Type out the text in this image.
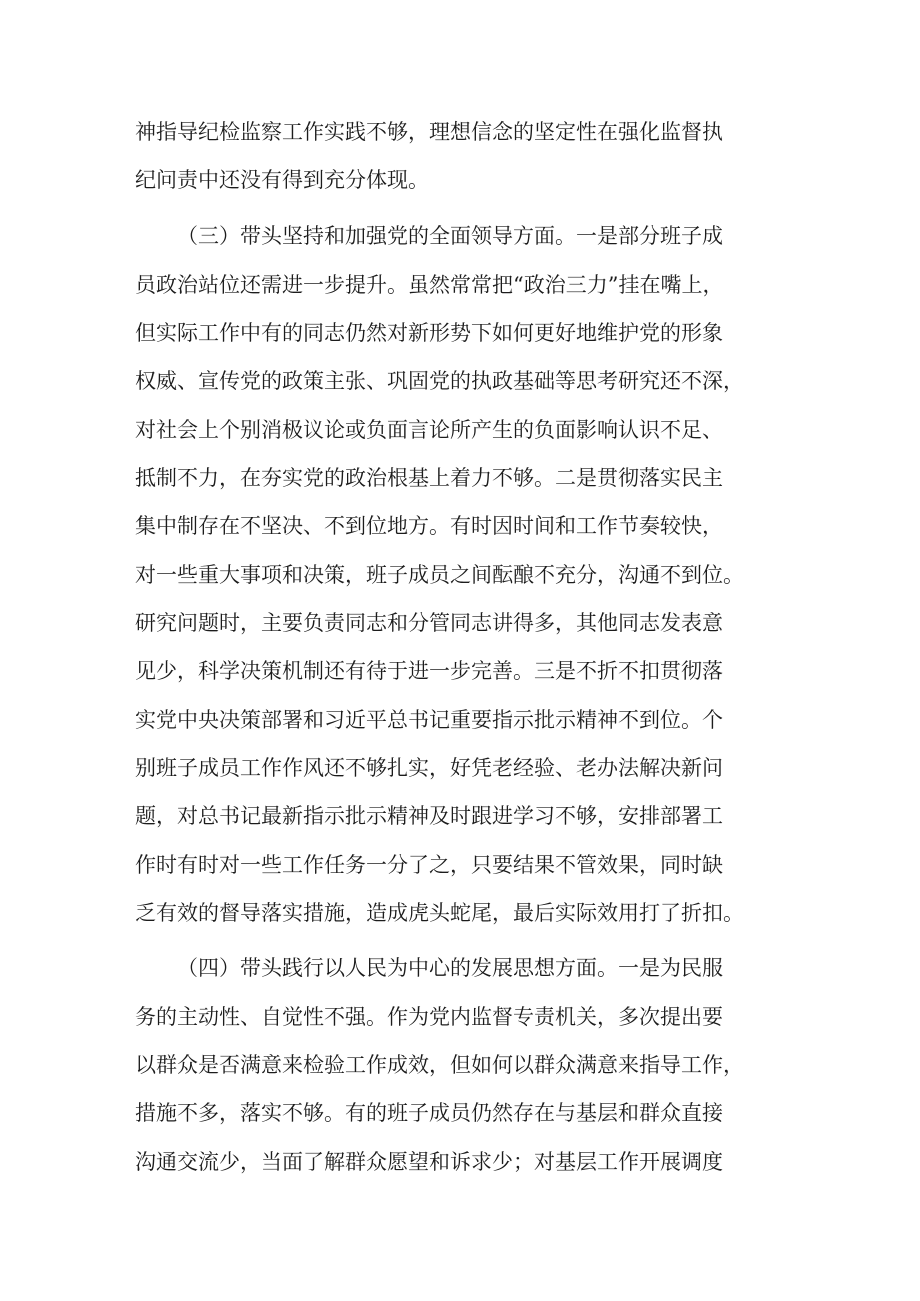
神指导纪检监察工作实践不够，理想信念的坚定性在强化监督执
纪问责中还没有得到充分体现。
（三）带头坚持和加强党的全面领导方面。一是部分班子成
员政治站位还需进一步提升。虽然常常把“政治三力”挂在嘴上，
但实际工作中有的同志仍然对新形势下如何更好地维护党的形象
权威、宣传党的政策主张、巩固党的执政基础等思考研究还不深，
对社会上个别消极议论或负面言论所产生的负面影响认识不足、
抵制不力，在夯实党的政治根基上着力不够。二是贯彻落实民主
集中制存在不坚决、不到位地方。有时因时间和工作节奏较快，
对一些重大事项和决策，班子成员之间酝酿不充分，沟通不到位。
研究问题时，主要负责同志和分管同志讲得多，其他同志发表意
见少，科学决策机制还有待于进一步完善。三是不折不扣贯彻落
实党中央决策部署和习近平总书记重要指示批示精神不到位。个
别班子成员工作作风还不够扎实，好凭老经验、老办法解决新问
题，对总书记最新指示批示精神及时跟进学习不够，安排部署工
作时有时对一些工作任务一分了之，只要结果不管效果，同时缺
乏有效的督导落实措施，造成虎头蛇尾，最后实际效用打了折扣。
（四）带头践行以人民为中心的发展思想方面。一是为民服
务的主动性、自觉性不强。作为党内监督专责机关，多次提出要
以群众是否满意来检验工作成效，但如何以群众满意来指导工作，
措施不多，落实不够。有的班子成员仍然存在与基层和群众直接
沟通交流少，当面了解群众愿望和诉求少；对基层工作开展调度
